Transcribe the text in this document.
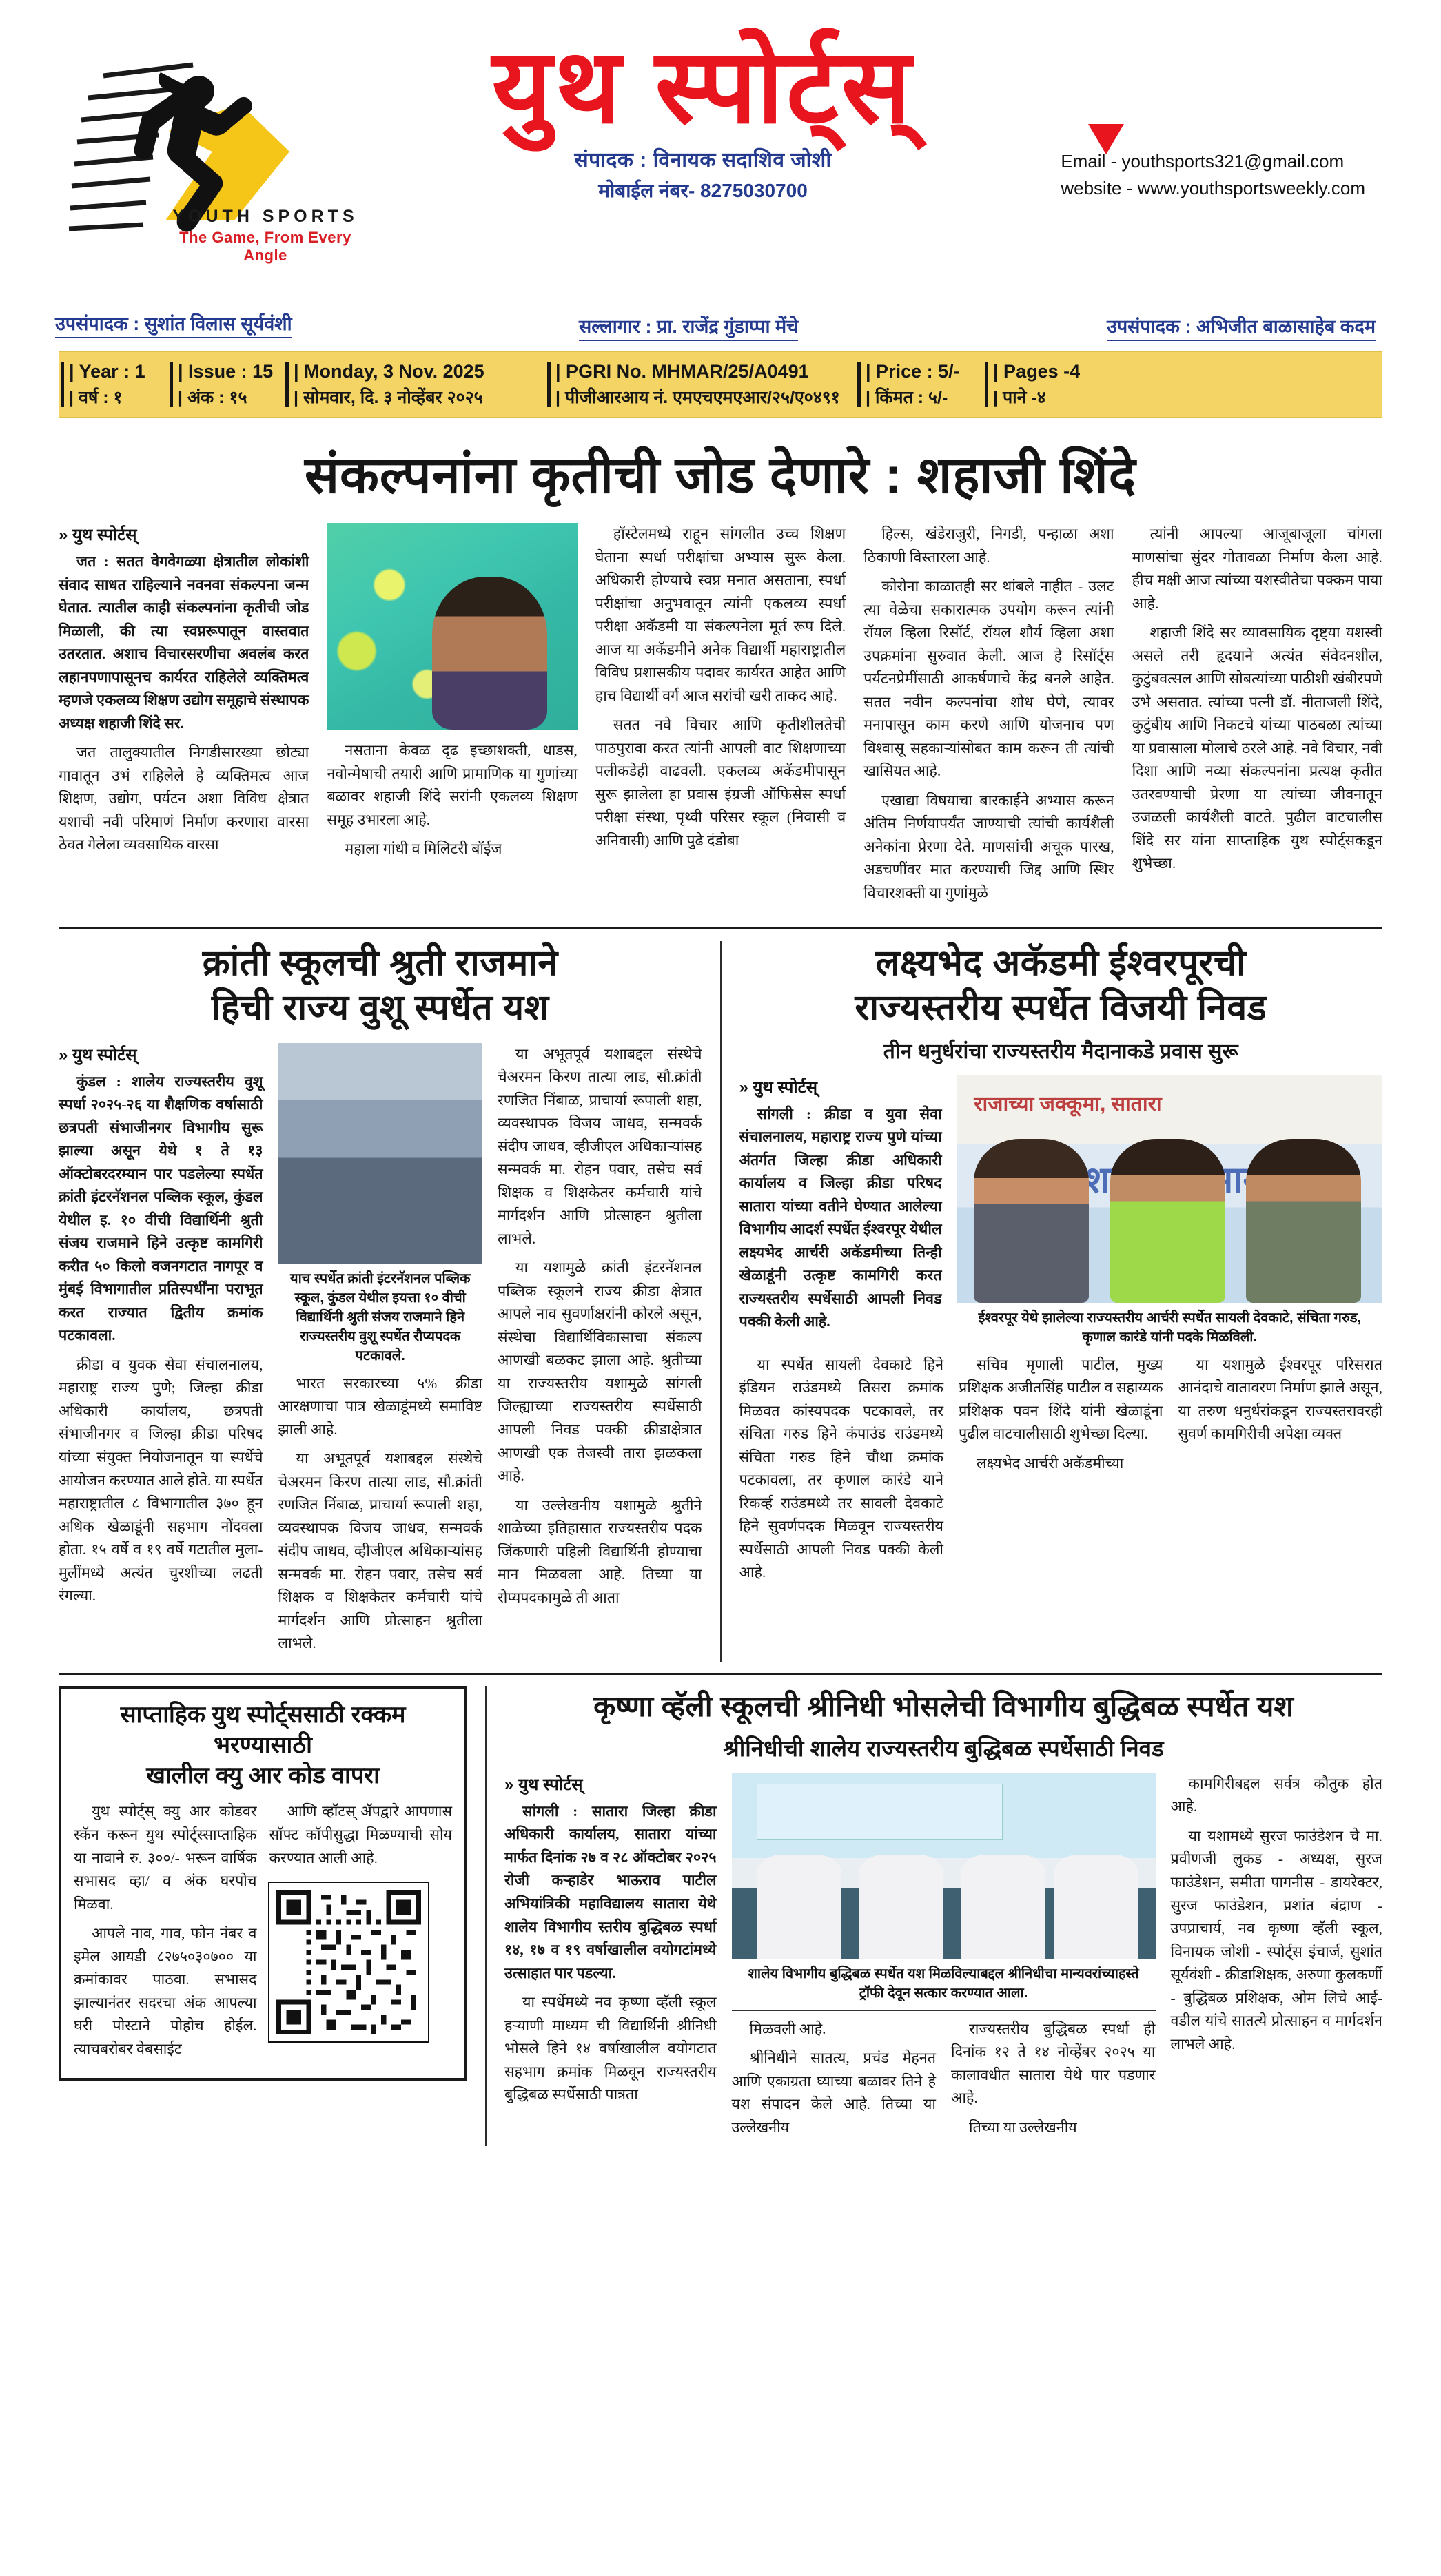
YOUTH SPORTS
The Game, From Every Angle
युथ स्पोर्ट्स्
संपादक : विनायक सदाशिव जोशी
मोबाईल नंबर- 8275030700
Email - youthsports321@gmail.com
website - www.youthsportsweekly.com
उपसंपादक : सुशांत विलास सूर्यवंशी	सल्लागार : प्रा. राजेंद्र गुंडाप्पा मेंचे	उपसंपादक : अभिजीत बाळासाहेब कदम
| Year : 1
| वर्ष : १
| Issue : 15
| अंक : १५
| Monday, 3 Nov. 2025
| सोमवार, दि. ३ नोव्हेंबर २०२५
| PGRI No. MHMAR/25/A0491
| पीजीआरआय नं. एमएचएमएआर/२५/ए०४९१
| Price : 5/-
| किंमत : ५/-
| Pages -4
| पाने -४
संकल्पनांना कृतीची जोड देणारे : शहाजी शिंदे
» युथ स्पोर्टस्

जत : सतत वेगवेगळ्या क्षेत्रातील लोकांशी संवाद साधत राहिल्याने नवनवा संकल्पना जन्म घेतात. त्यातील काही संकल्पनांना कृतीची जोड मिळाली, की त्या स्वप्नरूपातून वास्तवात उतरतात. अशाच विचारसरणीचा अवलंब करत लहानपणापासूनच कार्यरत राहिलेले व्यक्तिमत्व म्हणजे एकलव्य शिक्षण उद्योग समूहाचे संस्थापक अध्यक्ष शहाजी शिंदे सर.

जत तालुक्यातील निगडीसारख्या छोट्या गावातून उभं राहिलेले हे व्यक्तिमत्व आज शिक्षण, उद्योग, पर्यटन अशा विविध क्षेत्रात यशाची नवी परिमाणं निर्माण करणारा वारसा ठेवत गेलेला व्यवसायिक वारसा

नसताना केवळ दृढ इच्छाशक्ती, धाडस, नवोन्मेषाची तयारी आणि प्रामाणिक या गुणांच्या बळावर शहाजी शिंदे सरांनी एकलव्य शिक्षण समूह उभारला आहे.

महाला गांधी व मिलिटरी बॉईज

हॉस्टेलमध्ये राहून सांगलीत उच्च शिक्षण घेताना स्पर्धा परीक्षांचा अभ्यास सुरू केला. अधिकारी होण्याचे स्वप्न मनात असताना, स्पर्धा परीक्षांचा अनुभवातून त्यांनी एकलव्य स्पर्धा परीक्षा अकॅडमी या संकल्पनेला मूर्त रूप दिले. आज या अकॅडमीने अनेक विद्यार्थी महाराष्ट्रातील विविध प्रशासकीय पदावर कार्यरत आहेत आणि हाच विद्यार्थी वर्ग आज सरांची खरी ताकद आहे.

सतत नवे विचार आणि कृतीशीलतेची पाठपुरावा करत त्यांनी आपली वाट शिक्षणाच्या पलीकडेही वाढवली. एकलव्य अकॅडमीपासून सुरू झालेला हा प्रवास इंग्रजी ऑफिसेस स्पर्धा परीक्षा संस्था, पृथ्वी परिसर स्कूल (निवासी व अनिवासी) आणि पुढे दंडोबा

हिल्स, खंडेराजुरी, निगडी, पन्हाळा अशा ठिकाणी विस्तारला आहे.

कोरोना काळातही सर थांबले नाहीत - उलट त्या वेळेचा सकारात्मक उपयोग करून त्यांनी रॉयल व्हिला रिसॉर्ट, रॉयल शौर्य व्हिला अशा उपक्रमांना सुरुवात केली. आज हे रिसॉर्ट्स पर्यटनप्रेमींसाठी आकर्षणाचे केंद्र बनले आहेत. सतत नवीन कल्पनांचा शोध घेणे, त्यावर मनापासून काम करणे आणि योजनाच पण विश्वासू सहकाऱ्यांसोबत काम करून ती त्यांची खासियत आहे.

एखाद्या विषयाचा बारकाईने अभ्यास करून अंतिम निर्णयापर्यंत जाण्याची त्यांची कार्यशैली अनेकांना प्रेरणा देते. माणसांची अचूक पारख, अडचणींवर मात करण्याची जिद्द आणि स्थिर विचारशक्ती या गुणांमुळे

त्यांनी आपल्या आजूबाजूला चांगला माणसांचा सुंदर गोतावळा निर्माण केला आहे. हीच मक्षी आज त्यांच्या यशस्वीतेचा पक्कम पाया आहे.

शहाजी शिंदे सर व्यावसायिक दृष्ट्या यशस्वी असले तरी हृदयाने अत्यंत संवेदनशील, कुटुंबवत्सल आणि सोबत्यांच्या पाठीशी खंबीरपणे उभे असतात. त्यांच्या पत्नी डॉ. नीताजली शिंदे, कुटुंबीय आणि निकटचे यांच्या पाठबळा त्यांच्या या प्रवासाला मोलाचे ठरले आहे. नवे विचार, नवी दिशा आणि नव्या संकल्पनांना प्रत्यक्ष कृतीत उतरवण्याची प्रेरणा या त्यांच्या जीवनातून उजळली कार्यशैली वाटते. पुढील वाटचालीस शिंदे सर यांना साप्ताहिक युथ स्पोर्ट्सकडून शुभेच्छा.

क्रांती स्कूलची श्रुती राजमाने
हिची राज्य वुशू स्पर्धेत यश
» युथ स्पोर्टस्

कुंडल : शालेय राज्यस्तरीय वुशू स्पर्धा २०२५-२६ या शैक्षणिक वर्षासाठी छत्रपती संभाजीनगर विभागीय सुरू झाल्या असून येथे १ ते १३ ऑक्टोबरदरम्यान पार पडलेल्या स्पर्धेत क्रांती इंटरनॅशनल पब्लिक स्कूल, कुंडल येथील इ. १० वीची विद्यार्थिनी श्रुती संजय राजमाने हिने उत्कृष्ट कामगिरी करीत ५० किलो वजनगटात नागपूर व मुंबई विभागातील प्रतिस्पर्धींना पराभूत करत राज्यात द्वितीय क्रमांक पटकावला.

क्रीडा व युवक सेवा संचालनालय, महाराष्ट्र राज्य पुणे; जिल्हा क्रीडा अधिकारी कार्यालय, छत्रपती संभाजीनगर व जिल्हा क्रीडा परिषद यांच्या संयुक्त नियोजनातून या स्पर्धेचे आयोजन करण्यात आले होते. या स्पर्धेत महाराष्ट्रातील ८ विभागातील ३७० हून अधिक खेळाडूंनी सहभाग नोंदवला होता. १५ वर्षे व १९ वर्षे गटातील मुला-मुलींमध्ये अत्यंत चुरशीच्या लढती रंगल्या.

याच स्पर्धेत क्रांती इंटरनॅशनल पब्लिक स्कूल, कुंडल येथील इयत्ता १० वीची विद्यार्थिनी श्रुती संजय राजमाने हिने राज्यस्तरीय वुशू स्पर्धेत रौप्यपदक पटकावले.

भारत सरकारच्या ५% क्रीडा आरक्षणाचा पात्र खेळाडूंमध्ये समाविष्ट झाली आहे.

या अभूतपूर्व यशाबद्दल संस्थेचे चेअरमन किरण तात्या लाड, सौ.क्रांती रणजित निंबाळ, प्राचार्या रूपाली शहा, व्यवस्थापक विजय जाधव, सन्मवर्क संदीप जाधव, व्हीजीएल अधिकाऱ्यांसह सन्मवर्क मा. रोहन पवार, तसेच सर्व शिक्षक व शिक्षकेतर कर्मचारी यांचे मार्गदर्शन आणि प्रोत्साहन श्रुतीला लाभले.

या अभूतपूर्व यशाबद्दल संस्थेचे चेअरमन किरण तात्या लाड, सौ.क्रांती रणजित निंबाळ, प्राचार्या रूपाली शहा, व्यवस्थापक विजय जाधव, सन्मवर्क संदीप जाधव, व्हीजीएल अधिकाऱ्यांसह सन्मवर्क मा. रोहन पवार, तसेच सर्व शिक्षक व शिक्षकेतर कर्मचारी यांचे मार्गदर्शन आणि प्रोत्साहन श्रुतीला लाभले.

या यशामुळे क्रांती इंटरनॅशनल पब्लिक स्कूलने राज्य क्रीडा क्षेत्रात आपले नाव सुवर्णाक्षरांनी कोरले असून, संस्थेचा विद्यार्थिविकासाचा संकल्प आणखी बळकट झाला आहे. श्रुतीच्या या राज्यस्तरीय यशामुळे सांगली जिल्ह्याच्या राज्यस्तरीय स्पर्धेसाठी आपली निवड पक्की क्रीडाक्षेत्रात आणखी एक तेजस्वी तारा झळकला आहे.

या उल्लेखनीय यशामुळे श्रुतीने शाळेच्या इतिहासात राज्यस्तरीय पदक जिंकणारी पहिली विद्यार्थिनी होण्याचा मान मिळवला आहे. तिच्या या रोप्यपदकामुळे ती आता

लक्ष्यभेद अकॅडमी ईश्वरपूरची
राज्यस्तरीय स्पर्धेत विजयी निवड
तीन धनुर्धरांचा राज्यस्तरीय मैदानाकडे प्रवास सुरू
» युथ स्पोर्टस्

सांगली : क्रीडा व युवा सेवा संचालनालय, महाराष्ट्र राज्य पुणे यांच्या अंतर्गत जिल्हा क्रीडा अधिकारी कार्यालय व जिल्हा क्रीडा परिषद सातारा यांच्या वतीने घेण्यात आलेल्या विभागीय आदर्श स्पर्धेत ईश्वरपूर येथील लक्ष्यभेद आर्चरी अकॅडमीच्या तिन्ही खेळाडूंनी उत्कृष्ट कामगिरी करत राज्यस्तरीय स्पर्धेसाठी आपली निवड पक्की केली आहे.

राजाच्या जक्कूमा, सातारा
विभागीय
ईश्वरपूर येथे झालेल्या राज्यस्तरीय आर्चरी स्पर्धेत सायली देवकाटे, संचिता गरुड, कृणाल कारंडे यांनी पदके मिळविली.

या स्पर्धेत सायली देवकाटे हिने इंडियन राउंडमध्ये तिसरा क्रमांक मिळवत कांस्यपदक पटकावले, तर संचिता गरुड हिने कंपाउंड राउंडमध्ये संचिता गरुड हिने चौथा क्रमांक पटकावला, तर कृणाल कारंडे याने रिकर्व्ह राउंडमध्ये तर सावली देवकाटे हिने सुवर्णपदक मिळवून राज्यस्तरीय स्पर्धेसाठी आपली निवड पक्की केली आहे.

सचिव मृणाली पाटील, मुख्य प्रशिक्षक अजीतसिंह पाटील व सहाय्यक प्रशिक्षक पवन शिंदे यांनी खेळाडूंना पुढील वाटचालीसाठी शुभेच्छा दिल्या.

लक्ष्यभेद आर्चरी अकॅडमीच्या

या यशामुळे ईश्वरपूर परिसरात आनंदाचे वातावरण निर्माण झाले असून, या तरुण धनुर्धरांकडून राज्यस्तरावरही सुवर्ण कामगिरीची अपेक्षा व्यक्त

साप्ताहिक युथ स्पोर्ट्ससाठी रक्कम भरण्यासाठी
खालील क्यु आर कोड वापरा

युथ स्पोर्ट्स् क्यु आर कोडवर स्कॅन करून युथ स्पोर्ट्स्साप्ताहिक या नावाने रु. ३००/- भरून वार्षिक सभासद व्हा/ व अंक घरपोच मिळवा.

आपले नाव, गाव, फोन नंबर व इमेल आयडी ८२७५०३०७०० या क्रमांकावर पाठवा. सभासद झाल्यानंतर सदरचा अंक आपल्या घरी पोस्टाने पोहोच होईल. त्याचबरोबर वेबसाईट

आणि व्हॉटस् ॲपद्वारे आपणास सॉफ्ट कॉपीसुद्धा मिळण्याची सोय करण्यात आली आहे.

कृष्णा व्हॅली स्कूलची श्रीनिधी भोसलेची विभागीय बुद्धिबळ स्पर्धेत यश
श्रीनिधीची शालेय राज्यस्तरीय बुद्धिबळ स्पर्धेसाठी निवड
» युथ स्पोर्टस्

सांगली : सातारा जिल्हा क्रीडा अधिकारी कार्यालय, सातारा यांच्या मार्फत दिनांक २७ व २८ ऑक्टोबर २०२५ रोजी कऱ्हाडेर भाऊराव पाटील अभियांत्रिकी महाविद्यालय सातारा येथे शालेय विभागीय स्तरीय बुद्धिबळ स्पर्धा १४, १७ व १९ वर्षाखालील वयोगटांमध्ये उत्साहात पार पडल्या.

या स्पर्धेमध्ये नव कृष्णा व्हॅली स्कूल हऱ्याणी माध्यम ची विद्यार्थिनी श्रीनिधी भोसले हिने १४ वर्षाखालील वयोगटात सहभाग क्रमांक मिळवून राज्यस्तरीय बुद्धिबळ स्पर्धेसाठी पात्रता

शालेय विभागीय बुद्धिबळ स्पर्धेत यश मिळविल्याबद्दल श्रीनिधीचा मान्यवरांच्याहस्ते ट्रॉफी देवून सत्कार करण्यात आला.

मिळवली आहे.

श्रीनिधीने सातत्य, प्रचंड मेहनत आणि एकाग्रता घ्याच्या बळावर तिने हे यश संपादन केले आहे. तिच्या या उल्लेखनीय

राज्यस्तरीय बुद्धिबळ स्पर्धा ही दिनांक १२ ते १४ नोव्हेंबर २०२५ या कालावधीत सातारा येथे पार पडणार आहे.

तिच्या या उल्लेखनीय

कामगिरीबद्दल सर्वत्र कौतुक होत आहे.

या यशामध्ये सुरज फाउंडेशन चे मा. प्रवीणजी लुकड - अध्यक्ष, सुरज फाउंडेशन, समीता पागनीस - डायरेक्टर, सुरज फाउंडेशन, प्रशांत बंद्राण - उपप्राचार्य, नव कृष्णा व्हॅली स्कूल, विनायक जोशी - स्पोर्ट्स इंचार्ज, सुशांत सूर्यवंशी - क्रीडाशिक्षक, अरुणा कुलकर्णी - बुद्धिबळ प्रशिक्षक, ओम लिचे आई-वडील यांचे सातत्ये प्रोत्साहन व मार्गदर्शन लाभले आहे.
